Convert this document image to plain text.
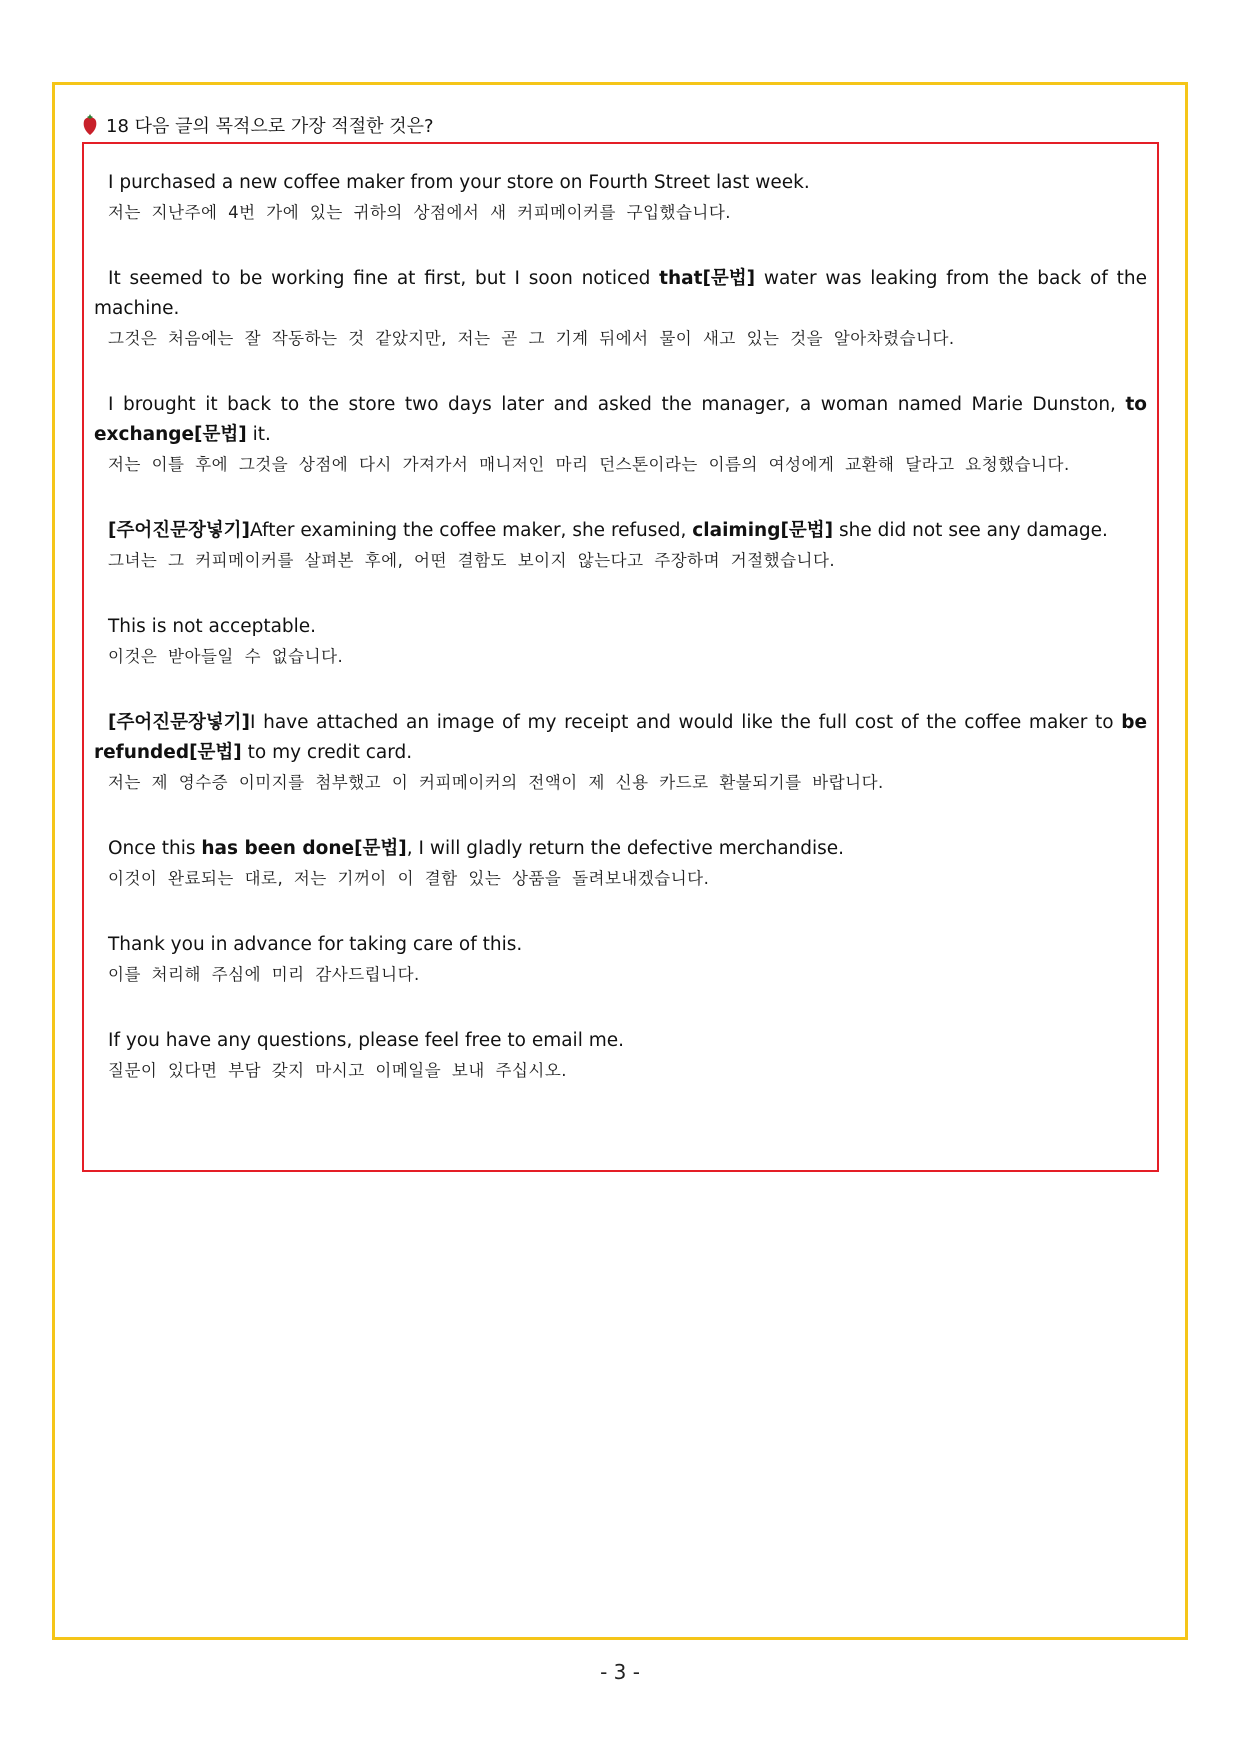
18 다음 글의 목적으로 가장 적절한 것은?

I purchased a new coffee maker from your store on Fourth Street last week.

저는 지난주에 4번 가에 있는 귀하의 상점에서 새 커피메이커를 구입했습니다.

It seemed to be working fine at first, but I soon noticed that[문법] water was leaking from the back of the machine.

그것은 처음에는 잘 작동하는 것 같았지만, 저는 곧 그 기계 뒤에서 물이 새고 있는 것을 알아차렸습니다.

I brought it back to the store two days later and asked the manager, a woman named Marie Dunston, to exchange[문법] it.

저는 이틀 후에 그것을 상점에 다시 가져가서 매니저인 마리 던스톤이라는 이름의 여성에게 교환해 달라고 요청했습니다.

[주어진문장넣기]After examining the coffee maker, she refused, claiming[문법] she did not see any damage.

그녀는 그 커피메이커를 살펴본 후에, 어떤 결함도 보이지 않는다고 주장하며 거절했습니다.

This is not acceptable.

이것은 받아들일 수 없습니다.

[주어진문장넣기]I have attached an image of my receipt and would like the full cost of the coffee maker to be refunded[문법] to my credit card.

저는 제 영수증 이미지를 첨부했고 이 커피메이커의 전액이 제 신용 카드로 환불되기를 바랍니다.

Once this has been done[문법], I will gladly return the defective merchandise.

이것이 완료되는 대로, 저는 기꺼이 이 결함 있는 상품을 돌려보내겠습니다.

Thank you in advance for taking care of this.

이를 처리해 주심에 미리 감사드립니다.

If you have any questions, please feel free to email me.

질문이 있다면 부담 갖지 마시고 이메일을 보내 주십시오.

- 3 -
